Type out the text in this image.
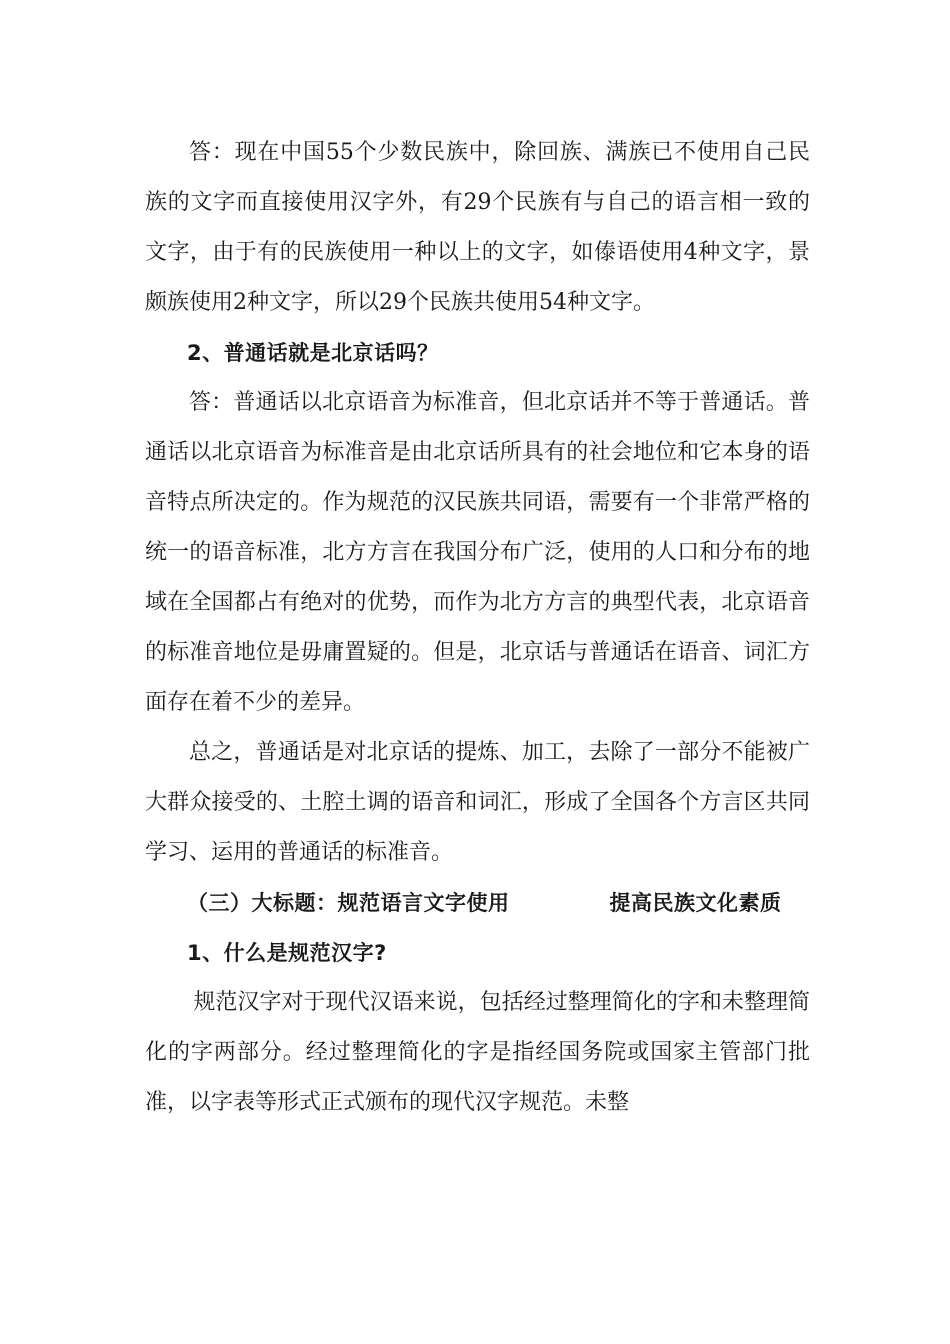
答：现在中国55个少数民族中，除回族、满族已不使用自己民族的文字而直接使用汉字外，有29个民族有与自己的语言相一致的文字，由于有的民族使用一种以上的文字，如傣语使用4种文字，景颇族使用2种文字，所以29个民族共使用54种文字。

2、普通话就是北京话吗？

答：普通话以北京语音为标准音，但北京话并不等于普通话。普通话以北京语音为标准音是由北京话所具有的社会地位和它本身的语音特点所决定的。作为规范的汉民族共同语，需要有一个非常严格的统一的语音标准，北方方言在我国分布广泛，使用的人口和分布的地域在全国都占有绝对的优势，而作为北方方言的典型代表，北京语音的标准音地位是毋庸置疑的。但是，北京话与普通话在语音、词汇方面存在着不少的差异。

总之，普通话是对北京话的提炼、加工，去除了一部分不能被广大群众接受的、土腔土调的语音和词汇，形成了全国各个方言区共同学习、运用的普通话的标准音。

（三）大标题：规范语言文字使用	提高民族文化素质

1、什么是规范汉字?

规范汉字对于现代汉语来说，包括经过整理简化的字和未整理简化的字两部分。经过整理简化的字是指经国务院或国家主管部门批准，以字表等形式正式颁布的现代汉字规范。未整
